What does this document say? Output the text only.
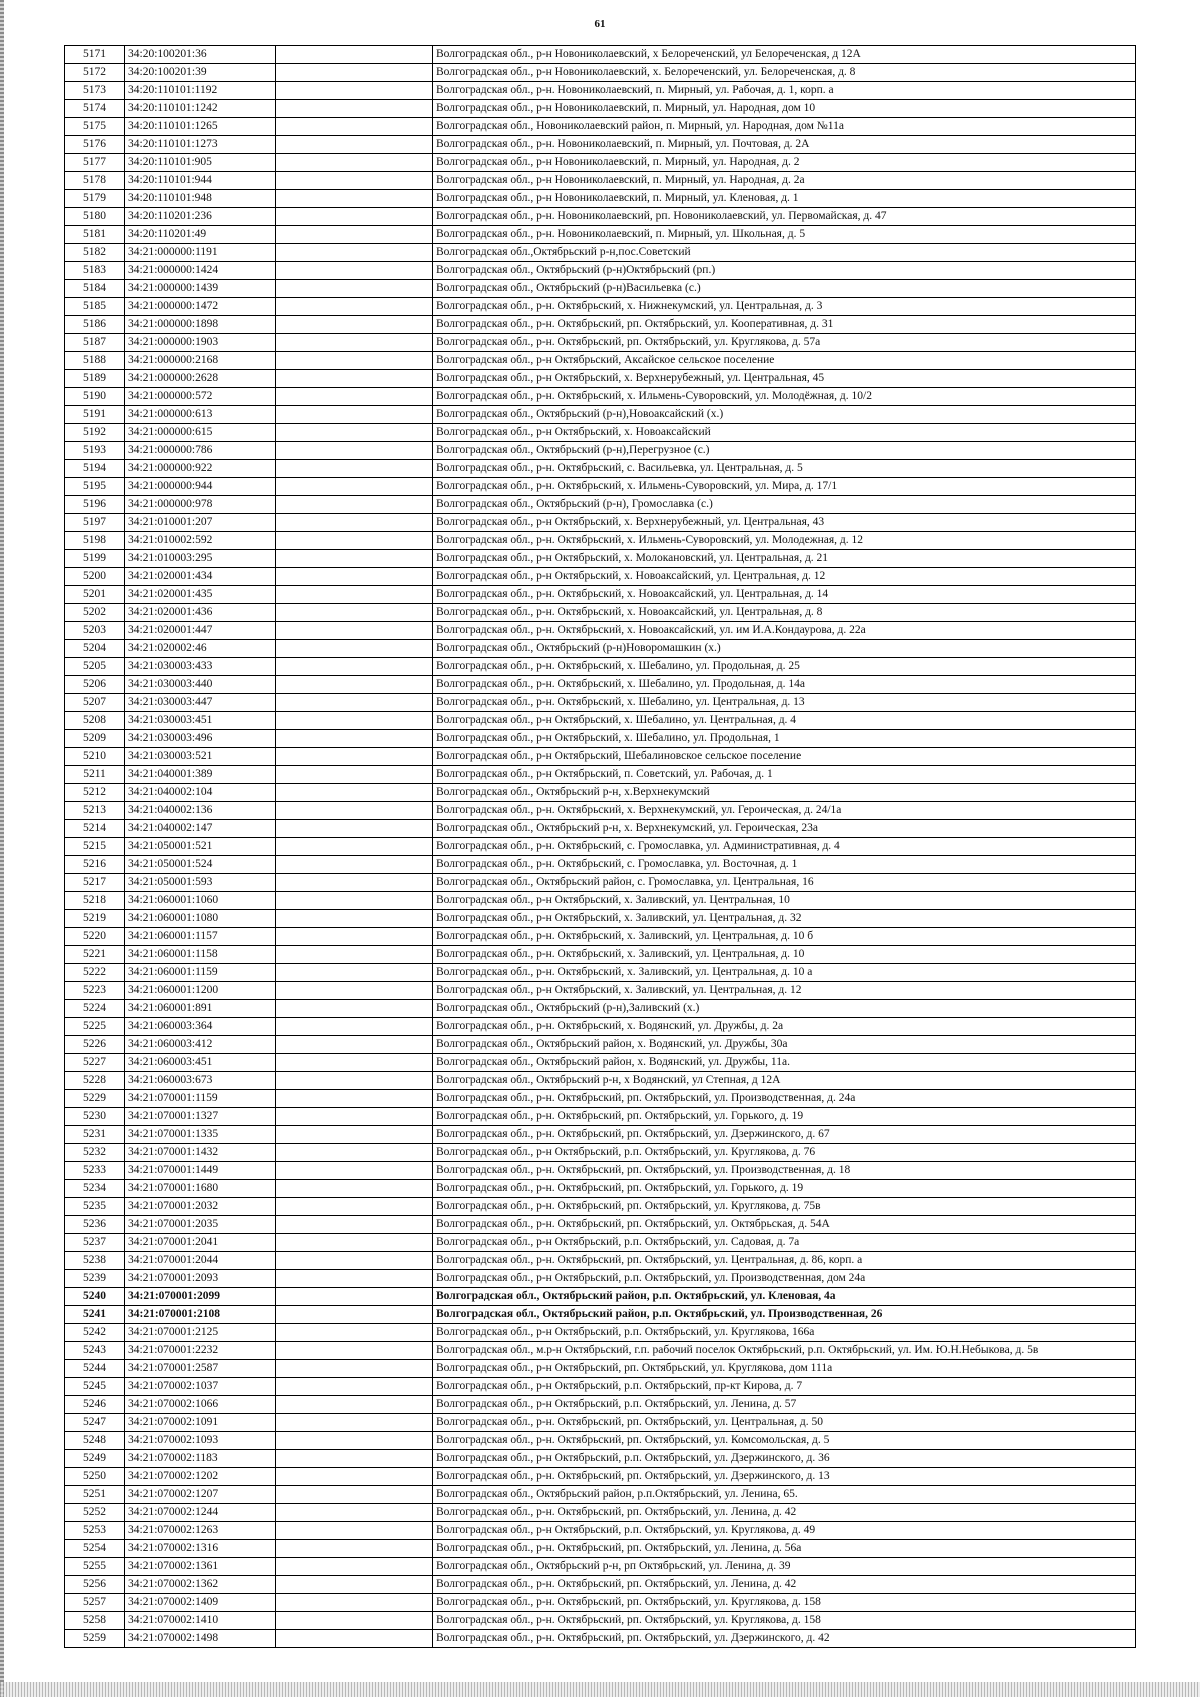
61
5171	34:20:100201:36		Волгоградская обл., р-н Новониколаевский, х Белореченский, ул Белореченская, д 12А
5172	34:20:100201:39		Волгоградская обл., р-н Новониколаевский, х. Белореченский, ул. Белореченская, д. 8
5173	34:20:110101:1192		Волгоградская обл., р-н. Новониколаевский, п. Мирный, ул. Рабочая, д. 1, корп. а
5174	34:20:110101:1242		Волгоградская обл., р-н Новониколаевский, п. Мирный, ул. Народная, дом 10
5175	34:20:110101:1265		Волгоградская обл., Новониколаевский район, п. Мирный, ул. Народная, дом №11а
5176	34:20:110101:1273		Волгоградская обл., р-н. Новониколаевский, п. Мирный, ул. Почтовая, д. 2А
5177	34:20:110101:905		Волгоградская обл., р-н Новониколаевский, п. Мирный, ул. Народная, д. 2
5178	34:20:110101:944		Волгоградская обл., р-н Новониколаевский, п. Мирный, ул. Народная, д. 2а
5179	34:20:110101:948		Волгоградская обл., р-н Новониколаевский, п. Мирный, ул. Кленовая, д. 1
5180	34:20:110201:236		Волгоградская обл., р-н. Новониколаевский, рп. Новониколаевский, ул. Первомайская, д. 47
5181	34:20:110201:49		Волгоградская обл., р-н. Новониколаевский, п. Мирный, ул. Школьная, д. 5
5182	34:21:000000:1191		Волгоградская обл.,Октябрьский р-н,пос.Советский
5183	34:21:000000:1424		Волгоградская обл., Октябрьский (р-н)Октябрьский (рп.)
5184	34:21:000000:1439		Волгоградская обл., Октябрьский (р-н)Васильевка (с.)
5185	34:21:000000:1472		Волгоградская обл., р-н. Октябрьский, х. Нижнекумский, ул. Центральная, д. 3
5186	34:21:000000:1898		Волгоградская обл., р-н. Октябрьский, рп. Октябрьский, ул. Кооперативная, д. 31
5187	34:21:000000:1903		Волгоградская обл., р-н. Октябрьский, рп. Октябрьский, ул. Круглякова, д. 57а
5188	34:21:000000:2168		Волгоградская обл., р-н Октябрьский, Аксайское сельское поселение
5189	34:21:000000:2628		Волгоградская обл., р-н Октябрьский, х. Верхнерубежный, ул. Центральная, 45
5190	34:21:000000:572		Волгоградская обл., р-н. Октябрьский, х. Ильмень-Суворовский, ул. Молодёжная, д. 10/2
5191	34:21:000000:613		Волгоградская обл., Октябрьский (р-н),Новоаксайский (х.)
5192	34:21:000000:615		Волгоградская обл., р-н Октябрьский, х. Новоаксайский
5193	34:21:000000:786		Волгоградская обл., Октябрьский (р-н),Перегрузное (с.)
5194	34:21:000000:922		Волгоградская обл., р-н. Октябрьский, с. Васильевка, ул. Центральная, д. 5
5195	34:21:000000:944		Волгоградская обл., р-н. Октябрьский, х. Ильмень-Суворовский, ул. Мира, д. 17/1
5196	34:21:000000:978		Волгоградская обл., Октябрьский (р-н), Громославка (с.)
5197	34:21:010001:207		Волгоградская обл., р-н Октябрьский, х. Верхнерубежный, ул. Центральная, 43
5198	34:21:010002:592		Волгоградская обл., р-н. Октябрьский, х. Ильмень-Суворовский, ул. Молодежная, д. 12
5199	34:21:010003:295		Волгоградская обл., р-н Октябрьский, х. Молокановский, ул. Центральная, д. 21
5200	34:21:020001:434		Волгоградская обл., р-н Октябрьский, х. Новоаксайский, ул. Центральная, д. 12
5201	34:21:020001:435		Волгоградская обл., р-н. Октябрьский, х. Новоаксайский, ул. Центральная, д. 14
5202	34:21:020001:436		Волгоградская обл., р-н. Октябрьский, х. Новоаксайский, ул. Центральная, д. 8
5203	34:21:020001:447		Волгоградская обл., р-н. Октябрьский, х. Новоаксайский, ул. им И.А.Кондаурова, д. 22а
5204	34:21:020002:46		Волгоградская обл., Октябрьский (р-н)Новоромашкин (х.)
5205	34:21:030003:433		Волгоградская обл., р-н. Октябрьский, х. Шебалино, ул. Продольная, д. 25
5206	34:21:030003:440		Волгоградская обл., р-н. Октябрьский, х. Шебалино, ул. Продольная, д. 14а
5207	34:21:030003:447		Волгоградская обл., р-н. Октябрьский, х. Шебалино, ул. Центральная, д. 13
5208	34:21:030003:451		Волгоградская обл., р-н Октябрьский, х. Шебалино, ул. Центральная, д. 4
5209	34:21:030003:496		Волгоградская обл., р-н Октябрьский, х. Шебалино, ул. Продольная, 1
5210	34:21:030003:521		Волгоградская обл., р-н Октябрьский, Шебалиновское сельское поселение
5211	34:21:040001:389		Волгоградская обл., р-н Октябрьский, п. Советский, ул. Рабочая, д. 1
5212	34:21:040002:104		Волгоградская обл., Октябрьский р-н, х.Верхнекумский
5213	34:21:040002:136		Волгоградская обл., р-н. Октябрьский, х. Верхнекумский, ул. Героическая, д. 24/1а
5214	34:21:040002:147		Волгоградская обл., Октябрьский р-н, х. Верхнекумский, ул. Героическая, 23а
5215	34:21:050001:521		Волгоградская обл., р-н. Октябрьский, с. Громославка, ул. Административная, д. 4
5216	34:21:050001:524		Волгоградская обл., р-н. Октябрьский, с. Громославка, ул. Восточная, д. 1
5217	34:21:050001:593		Волгоградская обл., Октябрьский район, с. Громославка, ул. Центральная, 16
5218	34:21:060001:1060		Волгоградская обл., р-н Октябрьский, х. Заливский, ул. Центральная, 10
5219	34:21:060001:1080		Волгоградская обл., р-н Октябрьский, х. Заливский, ул. Центральная, д. 32
5220	34:21:060001:1157		Волгоградская обл., р-н. Октябрьский, х. Заливский, ул. Центральная, д. 10 б
5221	34:21:060001:1158		Волгоградская обл., р-н. Октябрьский, х. Заливский, ул. Центральная, д. 10
5222	34:21:060001:1159		Волгоградская обл., р-н. Октябрьский, х. Заливский, ул. Центральная, д. 10 а
5223	34:21:060001:1200		Волгоградская обл., р-н Октябрьский, х. Заливский, ул. Центральная, д. 12
5224	34:21:060001:891		Волгоградская обл., Октябрьский (р-н),Заливский (х.)
5225	34:21:060003:364		Волгоградская обл., р-н. Октябрьский, х. Водянский, ул. Дружбы, д. 2а
5226	34:21:060003:412		Волгоградская обл., Октябрьский район, х. Водянский, ул. Дружбы, 30а
5227	34:21:060003:451		Волгоградская обл., Октябрьский район, х. Водянский, ул. Дружбы, 11а.
5228	34:21:060003:673		Волгоградская обл., Октябрьский р-н, х Водянский, ул Степная, д 12А
5229	34:21:070001:1159		Волгоградская обл., р-н. Октябрьский, рп. Октябрьский, ул. Производственная, д. 24а
5230	34:21:070001:1327		Волгоградская обл., р-н. Октябрьский, рп. Октябрьский, ул. Горького, д. 19
5231	34:21:070001:1335		Волгоградская обл., р-н. Октябрьский, рп. Октябрьский, ул. Дзержинского, д. 67
5232	34:21:070001:1432		Волгоградская обл., р-н Октябрьский, р.п. Октябрьский, ул. Круглякова, д. 76
5233	34:21:070001:1449		Волгоградская обл., р-н. Октябрьский, рп. Октябрьский, ул. Производственная, д. 18
5234	34:21:070001:1680		Волгоградская обл., р-н. Октябрьский, рп. Октябрьский, ул. Горького, д. 19
5235	34:21:070001:2032		Волгоградская обл., р-н. Октябрьский, рп. Октябрьский, ул. Круглякова, д. 75в
5236	34:21:070001:2035		Волгоградская обл., р-н. Октябрьский, рп. Октябрьский, ул. Октябрьская, д. 54А
5237	34:21:070001:2041		Волгоградская обл., р-н Октябрьский, р.п. Октябрьский, ул. Садовая, д. 7а
5238	34:21:070001:2044		Волгоградская обл., р-н. Октябрьский, рп. Октябрьский, ул. Центральная, д. 86, корп. а
5239	34:21:070001:2093		Волгоградская обл., р-н Октябрьский, р.п. Октябрьский, ул. Производственная, дом 24а
5240	34:21:070001:2099		Волгоградская обл., Октябрьский район, р.п. Октябрьский, ул. Кленовая, 4а
5241	34:21:070001:2108		Волгоградская обл., Октябрьский район, р.п. Октябрьский, ул. Производственная, 26
5242	34:21:070001:2125		Волгоградская обл., р-н Октябрьский, р.п. Октябрьский, ул. Круглякова, 166а
5243	34:21:070001:2232		Волгоградская обл., м.р-н Октябрьский, г.п. рабочий поселок Октябрьский, р.п. Октябрьский, ул. Им. Ю.Н.Небыкова, д. 5в
5244	34:21:070001:2587		Волгоградская обл., р-н Октябрьский, рп. Октябрьский, ул. Круглякова, дом 111а
5245	34:21:070002:1037		Волгоградская обл., р-н Октябрьский, р.п. Октябрьский, пр-кт Кирова, д. 7
5246	34:21:070002:1066		Волгоградская обл., р-н Октябрьский, р.п. Октябрьский, ул. Ленина, д. 57
5247	34:21:070002:1091		Волгоградская обл., р-н. Октябрьский, рп. Октябрьский, ул. Центральная, д. 50
5248	34:21:070002:1093		Волгоградская обл., р-н. Октябрьский, рп. Октябрьский, ул. Комсомольская, д. 5
5249	34:21:070002:1183		Волгоградская обл., р-н Октябрьский, р.п. Октябрьский, ул. Дзержинского, д. 36
5250	34:21:070002:1202		Волгоградская обл., р-н. Октябрьский, рп. Октябрьский, ул. Дзержинского, д. 13
5251	34:21:070002:1207		Волгоградская обл., Октябрьский район, р.п.Октябрьский, ул. Ленина, 65.
5252	34:21:070002:1244		Волгоградская обл., р-н. Октябрьский, рп. Октябрьский, ул. Ленина, д. 42
5253	34:21:070002:1263		Волгоградская обл., р-н Октябрьский, р.п. Октябрьский, ул. Круглякова, д. 49
5254	34:21:070002:1316		Волгоградская обл., р-н. Октябрьский, рп. Октябрьский, ул. Ленина, д. 56а
5255	34:21:070002:1361		Волгоградская обл., Октябрьский р-н, рп Октябрьский, ул. Ленина, д. 39
5256	34:21:070002:1362		Волгоградская обл., р-н. Октябрьский, рп. Октябрьский, ул. Ленина, д. 42
5257	34:21:070002:1409		Волгоградская обл., р-н. Октябрьский, рп. Октябрьский, ул. Круглякова, д. 158
5258	34:21:070002:1410		Волгоградская обл., р-н. Октябрьский, рп. Октябрьский, ул. Круглякова, д. 158
5259	34:21:070002:1498		Волгоградская обл., р-н. Октябрьский, рп. Октябрьский, ул. Дзержинского, д. 42
